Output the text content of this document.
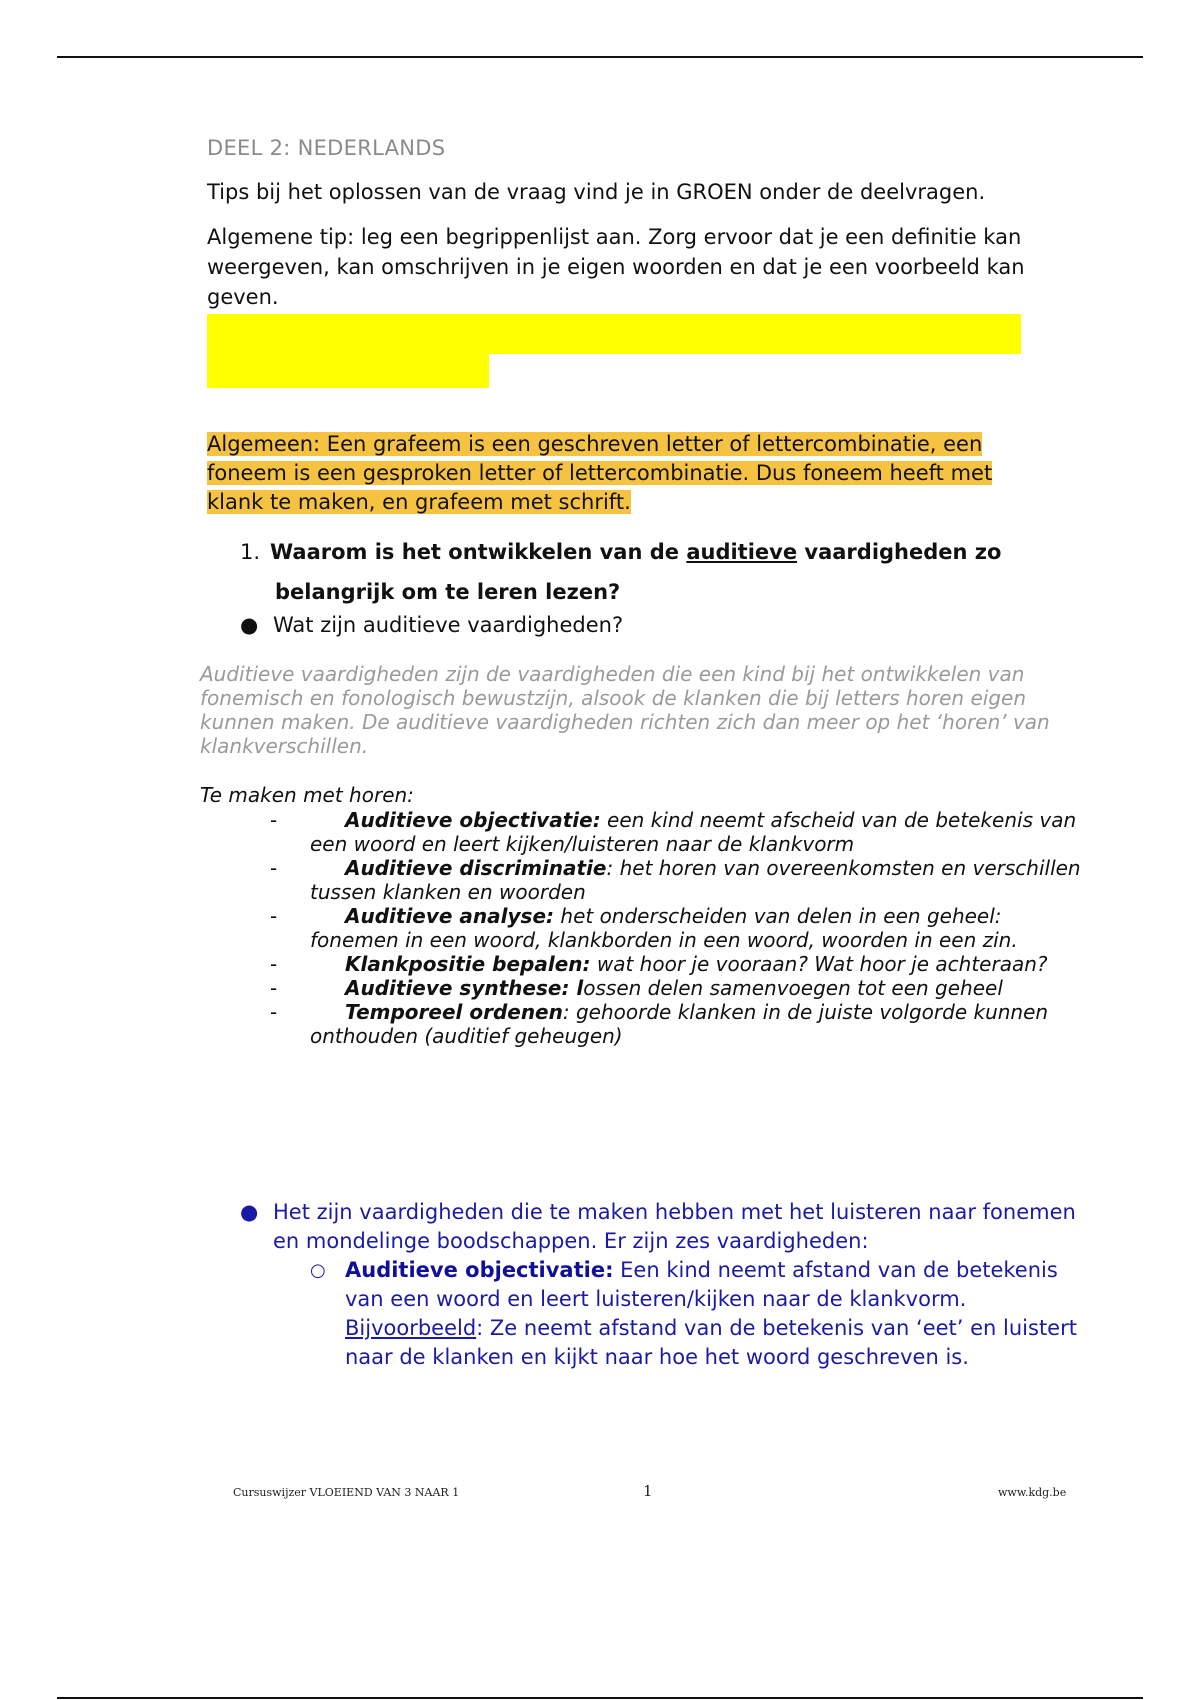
DEEL 2: NEDERLANDS
Tips bij het oplossen van de vraag vind je in GROEN onder de deelvragen.
Algemene tip: leg een begrippenlijst aan. Zorg ervoor dat je een definitie kan weergeven, kan omschrijven in je eigen woorden en dat je een voorbeeld kan geven.
Algemeen: Een grafeem is een geschreven letter of lettercombinatie, een foneem is een gesproken letter of lettercombinatie. Dus foneem heeft met klank te maken, en grafeem met schrift.
1. Waarom is het ontwikkelen van de auditieve vaardigheden zo
belangrijk om te leren lezen?
● Wat zijn auditieve vaardigheden?
Auditieve vaardigheden zijn de vaardigheden die een kind bij het ontwikkelen van fonemisch en fonologisch bewustzijn, alsook de klanken die bij letters horen eigen kunnen maken. De auditieve vaardigheden richten zich dan meer op het ‘horen’ van klankverschillen.
Te maken met horen:
-	Auditieve objectivatie: een kind neemt afscheid van de betekenis van een woord en leert kijken/luisteren naar de klankvorm
-	Auditieve discriminatie: het horen van overeenkomsten en verschillen tussen klanken en woorden
-	Auditieve analyse: het onderscheiden van delen in een geheel: fonemen in een woord, klankborden in een woord, woorden in een zin.
-	Klankpositie bepalen: wat hoor je vooraan? Wat hoor je achteraan?
-	Auditieve synthese: lossen delen samenvoegen tot een geheel
-	Temporeel ordenen: gehoorde klanken in de juiste volgorde kunnen onthouden (auditief geheugen)
● Het zijn vaardigheden die te maken hebben met het luisteren naar fonemen en mondelinge boodschappen. Er zijn zes vaardigheden:
○ Auditieve objectivatie: Een kind neemt afstand van de betekenis van een woord en leert luisteren/kijken naar de klankvorm. Bijvoorbeeld: Ze neemt afstand van de betekenis van ‘eet’ en luistert naar de klanken en kijkt naar hoe het woord geschreven is.
Cursuswijzer VLOEIEND VAN 3 NAAR 1	1	www.kdg.be
